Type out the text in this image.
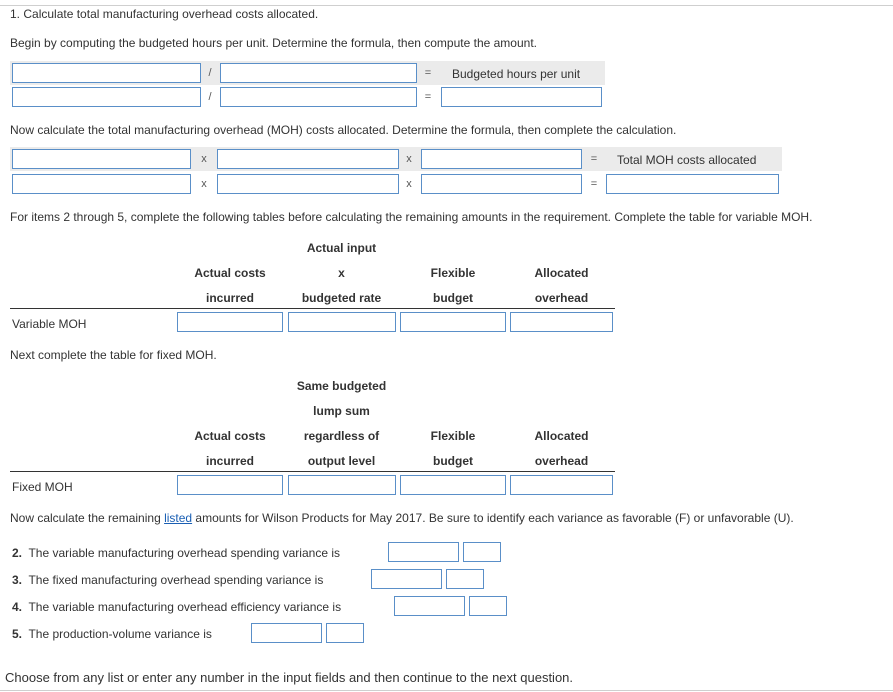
1. Calculate total manufacturing overhead costs allocated.
Begin by computing the budgeted hours per unit. Determine the formula, then compute the amount.
/	=	Budgeted hours per unit
/	=
Now calculate the total manufacturing overhead (MOH) costs allocated. Determine the formula, then complete the calculation.
x	x	=	Total MOH costs allocated
x	x	=
For items 2 through 5, complete the following tables before calculating the remaining amounts in the requirement. Complete the table for variable MOH.
Actual input
Actual costs	x	Flexible	Allocated
incurred	budgeted rate	budget	overhead
Variable MOH
Next complete the table for fixed MOH.
Same budgeted
lump sum
Actual costs	regardless of	Flexible	Allocated
incurred	output level	budget	overhead
Fixed MOH
Now calculate the remaining listed amounts for Wilson Products for May 2017. Be sure to identify each variance as favorable (F) or unfavorable (U).
2. The variable manufacturing overhead spending variance is
3. The fixed manufacturing overhead spending variance is
4. The variable manufacturing overhead efficiency variance is
5. The production-volume variance is
Choose from any list or enter any number in the input fields and then continue to the next question.
